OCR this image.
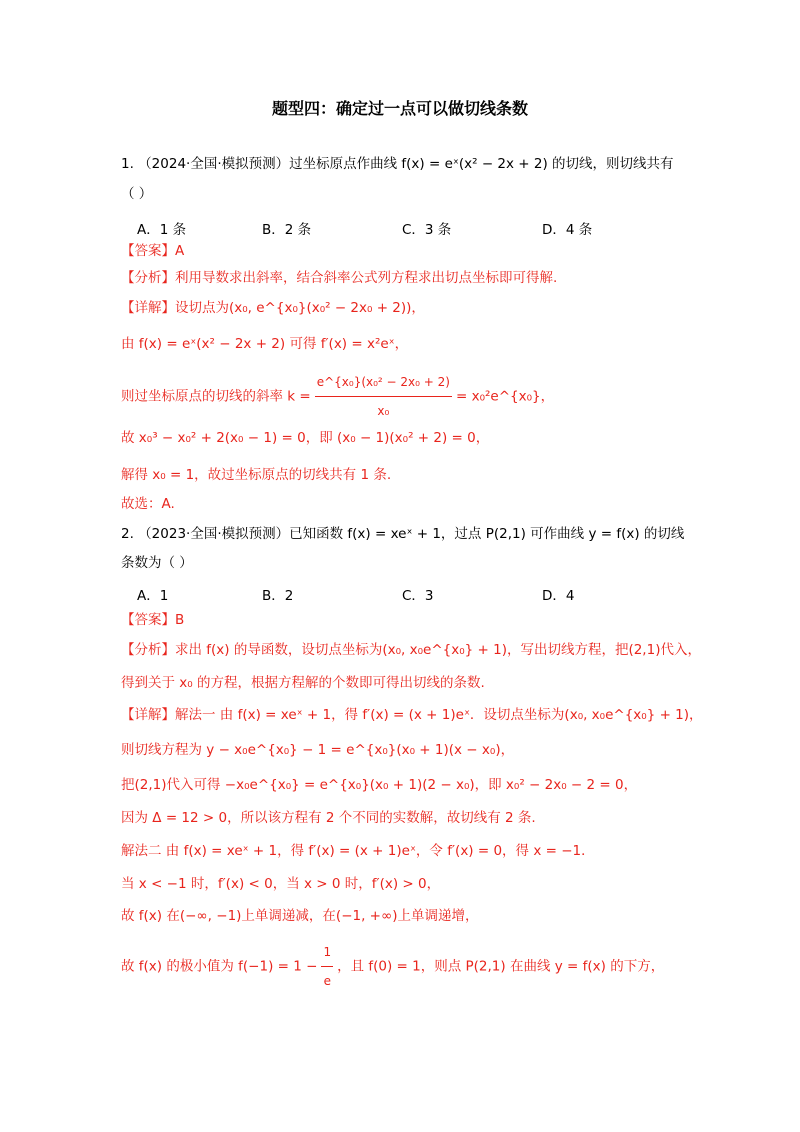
题型四：确定过一点可以做切线条数
1. （2024·全国·模拟预测）过坐标原点作曲线 f(x) = eˣ(x² − 2x + 2) 的切线，则切线共有
（ ）
A．1 条	B．2 条	C．3 条	D．4 条
【答案】A
【分析】利用导数求出斜率，结合斜率公式列方程求出切点坐标即可得解.
【详解】设切点为(x₀, e^{x₀}(x₀² − 2x₀ + 2))，
由 f(x) = eˣ(x² − 2x + 2) 可得 f′(x) = x²eˣ，
则过坐标原点的切线的斜率 $k = \frac{\text{e\textasciicircum{}\{x₀\}(x₀² − 2x₀ + 2)}}{\text{x₀}}$ = x₀²e^{x₀}，
故 x₀³ − x₀² + 2(x₀ − 1) = 0，即 (x₀ − 1)(x₀² + 2) = 0，
解得 x₀ = 1，故过坐标原点的切线共有 1 条.
故选：A.
2. （2023·全国·模拟预测）已知函数 f(x) = xeˣ + 1，过点 P(2,1) 可作曲线 y = f(x) 的切线
条数为（ ）
A．1	B．2	C．3	D．4
【答案】B
【分析】求出 f(x) 的导函数，设切点坐标为(x₀, x₀e^{x₀} + 1)，写出切线方程，把(2,1)代入，
得到关于 x₀ 的方程，根据方程解的个数即可得出切线的条数.
【详解】解法一 由 f(x) = xeˣ + 1，得 f′(x) = (x + 1)eˣ．设切点坐标为(x₀, x₀e^{x₀} + 1)，
则切线方程为 y − x₀e^{x₀} − 1 = e^{x₀}(x₀ + 1)(x − x₀)，
把(2,1)代入可得 −x₀e^{x₀} = e^{x₀}(x₀ + 1)(2 − x₀)，即 x₀² − 2x₀ − 2 = 0，
因为 Δ = 12 > 0，所以该方程有 2 个不同的实数解，故切线有 2 条.
解法二 由 f(x) = xeˣ + 1，得 f′(x) = (x + 1)eˣ，令 f′(x) = 0，得 x = −1．
当 x < −1 时，f′(x) < 0，当 x > 0 时，f′(x) > 0，
故 f(x) 在(−∞, −1)上单调递减，在(−1, +∞)上单调递增，
故 f(x) 的极小值为 $f(-1) = 1 - \frac{1}{e}$ ，且 f(0) = 1，则点 P(2,1) 在曲线 y = f(x) 的下方，
